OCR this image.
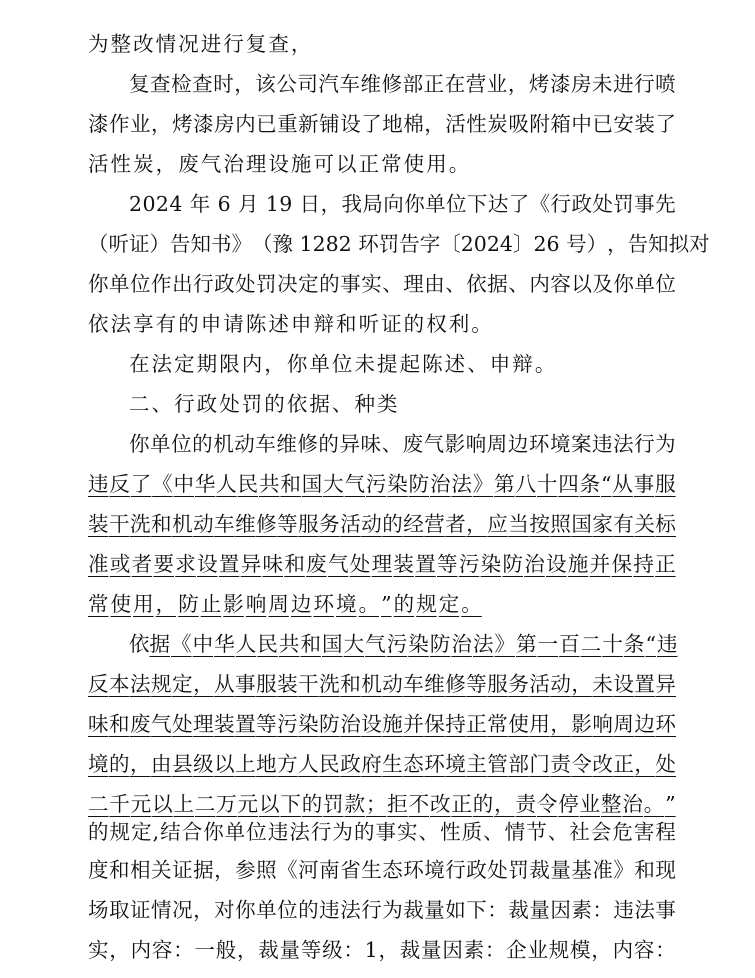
为 整 改 情 况 进 行 复 查 ，
复 查 检 查 时 ， 该 公 司 汽 车 维 修 部 正 在 营 业 ， 烤 漆 房 未 进 行 喷
漆 作 业 ， 烤 漆 房 内 已 重 新 铺 设 了 地 棉 ， 活 性 炭 吸 附 箱 中 已 安 装 了
活 性 炭 ， 废 气 治 理 设 施 可 以 正 常 使 用 。
2 0 2 4
年
6
月
1 9
日 ， 我 局 向 你 单 位 下 达 了 《 行 政 处 罚 事 先
（ 听 证 ） 告 知 书 》 （ 豫
1 2 8 2
环 罚 告 字 〔 2 0 2 4 〕 2 6
号 ） ， 告 知 拟 对
你 单 位 作 出 行 政 处 罚 决 定 的 事 实 、 理 由 、 依 据 、 内 容 以 及 你 单 位
依 法 享 有 的 申 请 陈 述 申 辩 和 听 证 的 权 利 。
在 法 定 期 限 内 ， 你 单 位 未 提 起 陈 述 、 申 辩 。
二 、 行 政 处 罚 的 依 据 、 种 类
你 单 位 的 机 动 车 维 修 的 异 味 、 废 气 影 响 周 边 环 境 案 违 法 行 为
违 反 了 《 中 华 人 民 共 和 国 大 气 污 染 防 治 法 》 第 八 十 四 条 “ 从 事 服
装 干 洗 和 机 动 车 维 修 等 服 务 活 动 的 经 营 者 ， 应 当 按 照 国 家 有 关 标
准 或 者 要 求 设 置 异 味 和 废 气 处 理 装 置 等 污 染 防 治 设 施 并 保 持 正
常 使 用 ， 防 止 影 响 周 边 环 境 。 ” 的 规 定 。
依 据 《 中 华 人 民 共 和 国 大 气 污 染 防 治 法 》 第 一 百 二 十 条 “ 违
反 本 法 规 定 ， 从 事 服 装 干 洗 和 机 动 车 维 修 等 服 务 活 动 ， 未 设 置 异
味 和 废 气 处 理 装 置 等 污 染 防 治 设 施 并 保 持 正 常 使 用 ， 影 响 周 边 环
境 的 ， 由 县 级 以 上 地 方 人 民 政 府 生 态 环 境 主 管 部 门 责 令 改 正 ， 处
二 千 元 以 上 二 万 元 以 下 的 罚 款 ； 拒 不 改 正 的 ， 责 令 停 业 整 治 。 ”
的 规 定 , 结 合 你 单 位 违 法 行 为 的 事 实 、 性 质 、 情 节 、 社 会 危 害 程
度 和 相 关 证 据 ， 参 照 《 河 南 省 生 态 环 境 行 政 处 罚 裁 量 基 准 》 和 现
场 取 证 情 况 ， 对 你 单 位 的 违 法 行 为 裁 量 如 下 ： 裁 量 因 素 ： 违 法 事
实 ， 内 容 ： 一 般 ， 裁 量 等 级 ： 1 ， 裁 量 因 素 ： 企 业 规 模 ， 内 容 ：
